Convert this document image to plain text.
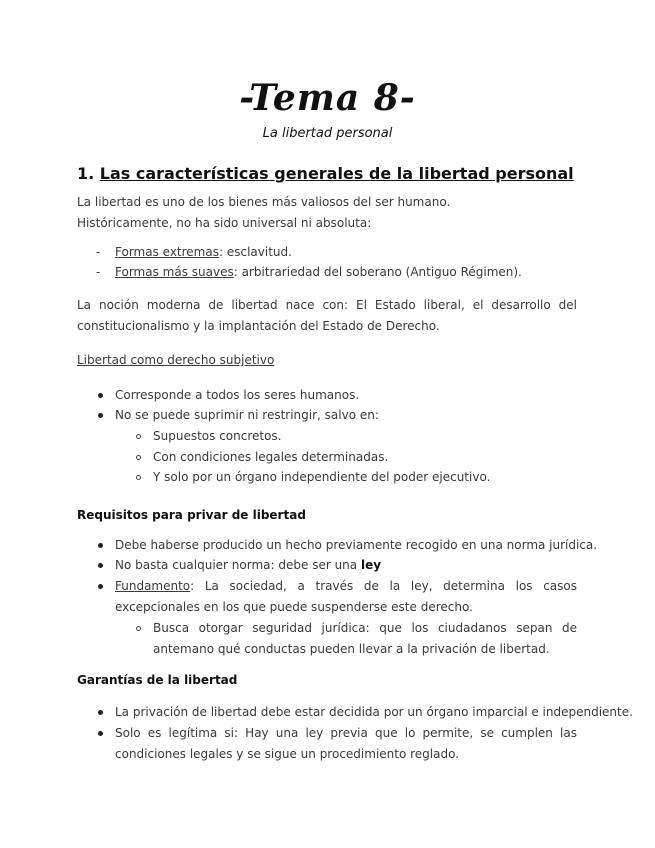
-Tema 8-
La libertad personal
1. Las características generales de la libertad personal
La libertad es uno de los bienes más valiosos del ser humano.
Históricamente, no ha sido universal ni absoluta:
- Formas extremas: esclavitud.
- Formas más suaves: arbitrariedad del soberano (Antiguo Régimen).
La noción moderna de libertad nace con: El Estado liberal, el desarrollo del constitucionalismo y la implantación del Estado de Derecho.
Libertad como derecho subjetivo
Corresponde a todos los seres humanos.
No se puede suprimir ni restringir, salvo en:
Supuestos concretos.
Con condiciones legales determinadas.
Y solo por un órgano independiente del poder ejecutivo.
Requisitos para privar de libertad
Debe haberse producido un hecho previamente recogido en una norma jurídica.
No basta cualquier norma: debe ser una ley
Fundamento: La sociedad, a través de la ley, determina los casos excepcionales en los que puede suspenderse este derecho.
Busca otorgar seguridad jurídica: que los ciudadanos sepan de antemano qué conductas pueden llevar a la privación de libertad.
Garantías de la libertad
La privación de libertad debe estar decidida por un órgano imparcial e independiente.
Solo es legítima si: Hay una ley previa que lo permite, se cumplen las condiciones legales y se sigue un procedimiento reglado.
